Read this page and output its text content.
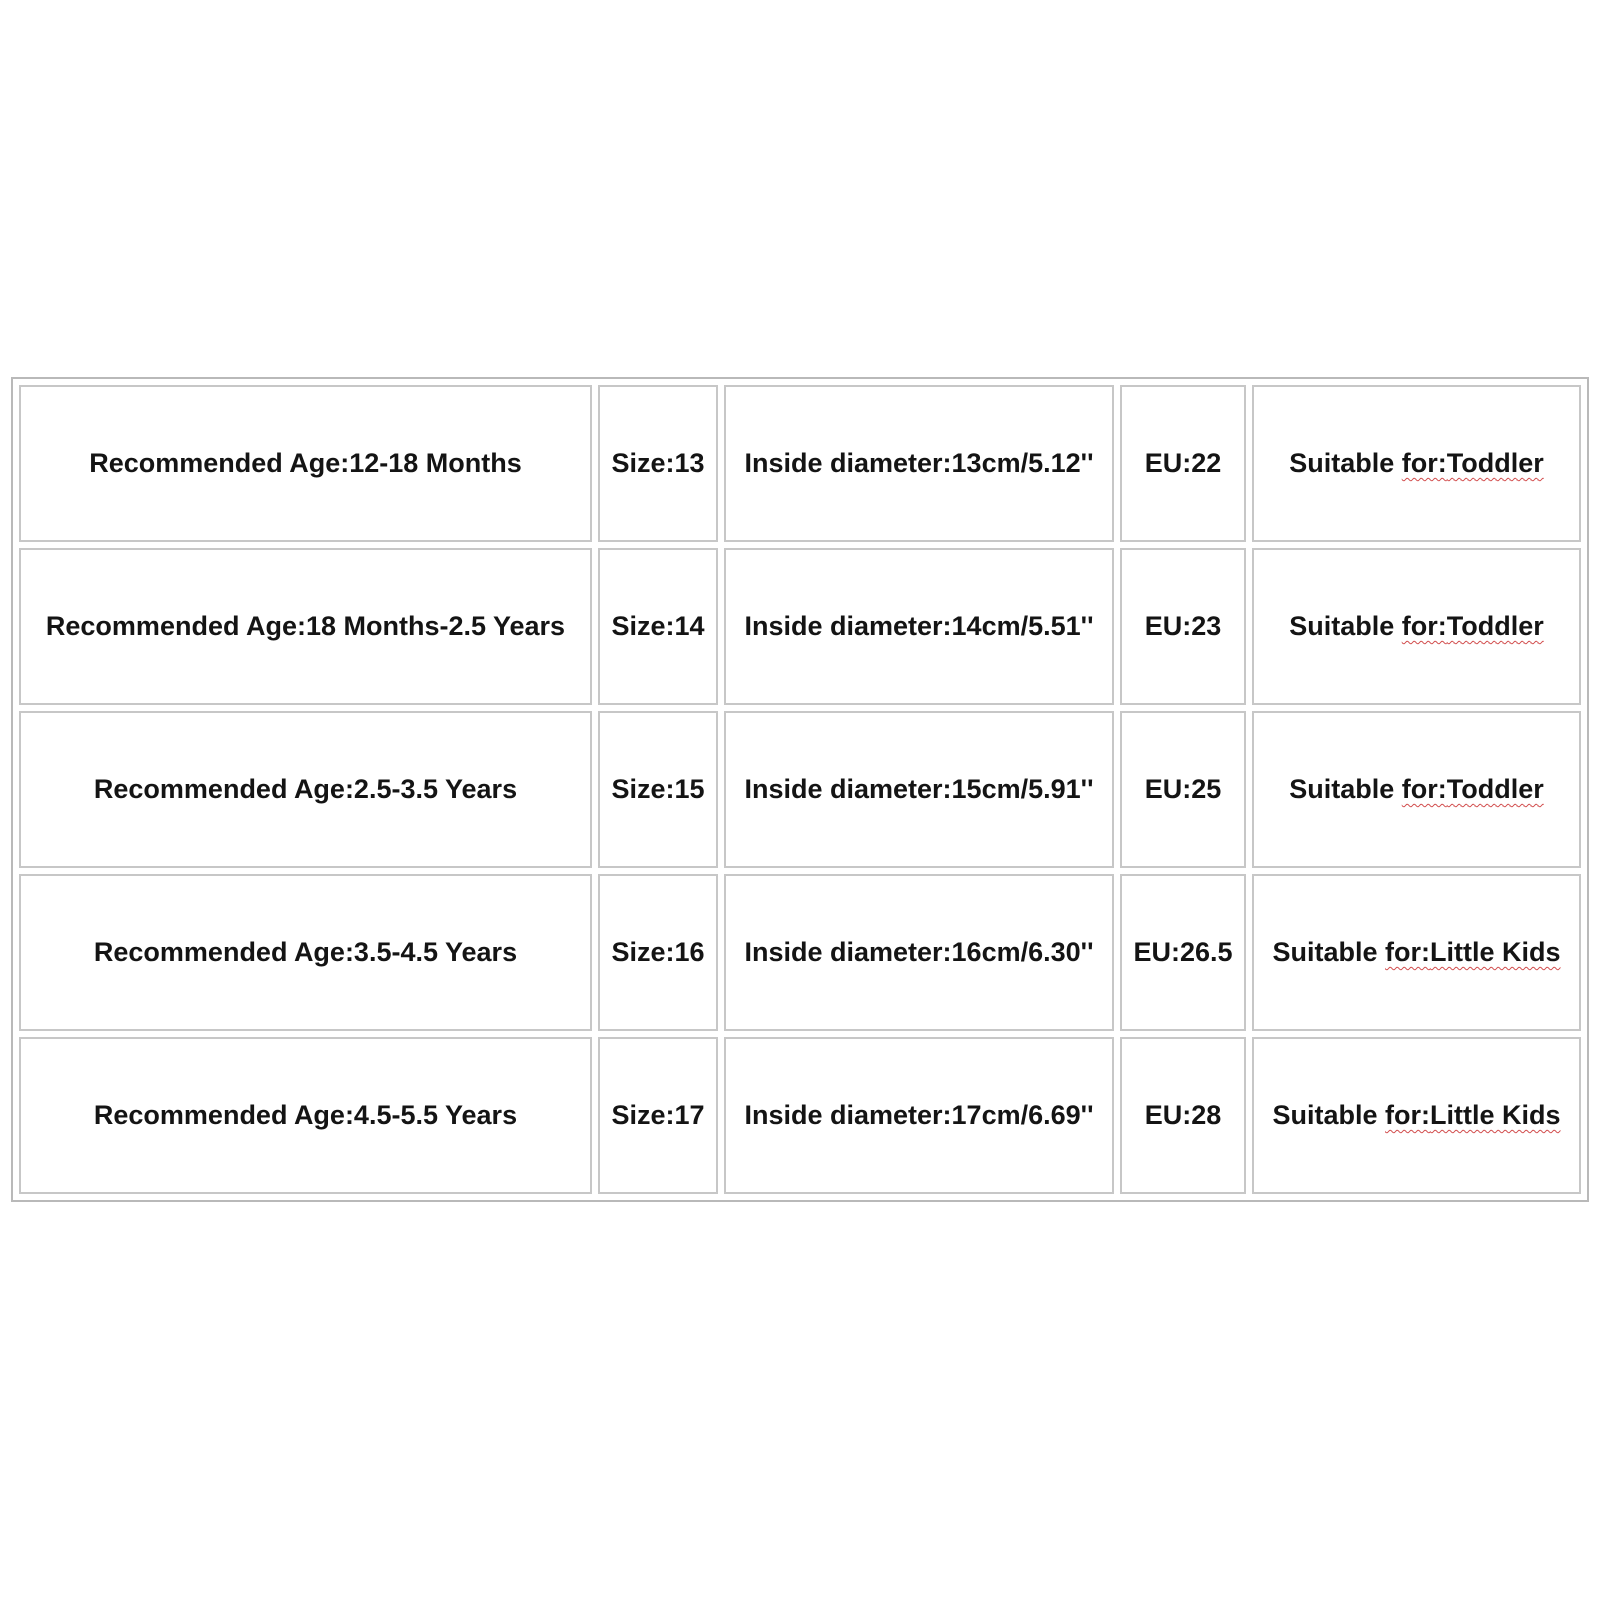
Recommended Age:12-18 Months	Size:13	Inside diameter:13cm/5.12''	EU:22	Suitable for:Toddler
Recommended Age:18 Months-2.5 Years	Size:14	Inside diameter:14cm/5.51''	EU:23	Suitable for:Toddler
Recommended Age:2.5-3.5 Years	Size:15	Inside diameter:15cm/5.91''	EU:25	Suitable for:Toddler
Recommended Age:3.5-4.5 Years	Size:16	Inside diameter:16cm/6.30''	EU:26.5	Suitable for:Little Kids
Recommended Age:4.5-5.5 Years	Size:17	Inside diameter:17cm/6.69''	EU:28	Suitable for:Little Kids
